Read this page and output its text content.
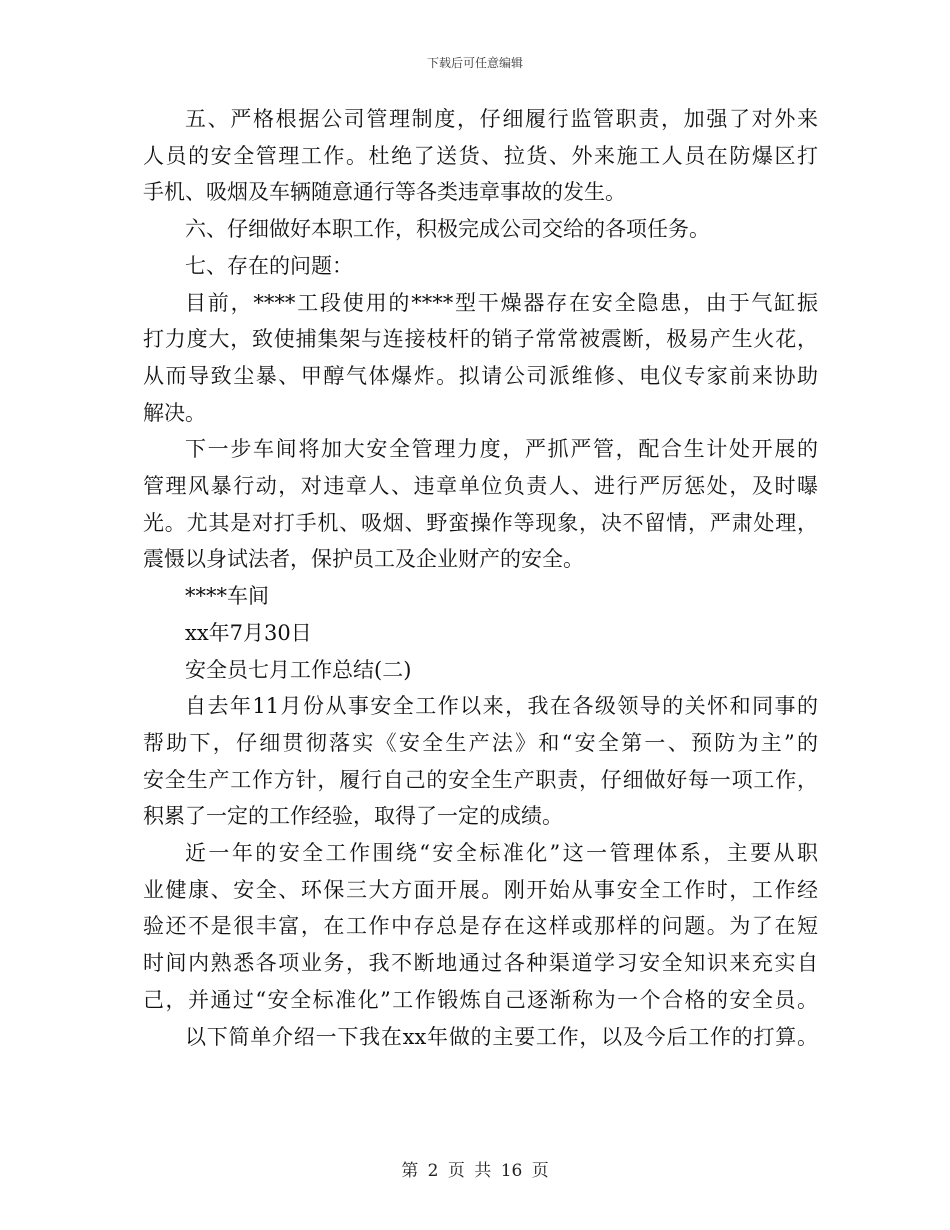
下载后可任意编辑
五、严格根据公司管理制度，仔细履行监管职责，加强了对外来
人员的安全管理工作。杜绝了送货、拉货、外来施工人员在防爆区打
手机、吸烟及车辆随意通行等各类违章事故的发生。
六、仔细做好本职工作，积极完成公司交给的各项任务。
七、存在的问题：
目前，****工段使用的****型干燥器存在安全隐患，由于气缸振
打力度大，致使捕集架与连接枝杆的销子常常被震断，极易产生火花，
从而导致尘暴、甲醇气体爆炸。拟请公司派维修、电仪专家前来协助
解决。
下一步车间将加大安全管理力度，严抓严管，配合生计处开展的
管理风暴行动，对违章人、违章单位负责人、进行严厉惩处，及时曝
光。尤其是对打手机、吸烟、野蛮操作等现象，决不留情，严肃处理，
震慑以身试法者，保护员工及企业财产的安全。
****车间
xx年7月30日
安全员七月工作总结(二)
自去年11月份从事安全工作以来，我在各级领导的关怀和同事的
帮助下，仔细贯彻落实《安全生产法》和“安全第一、预防为主”的
安全生产工作方针，履行自己的安全生产职责，仔细做好每一项工作，
积累了一定的工作经验，取得了一定的成绩。
近一年的安全工作围绕“安全标准化”这一管理体系，主要从职
业健康、安全、环保三大方面开展。刚开始从事安全工作时，工作经
验还不是很丰富，在工作中存总是存在这样或那样的问题。为了在短
时间内熟悉各项业务，我不断地通过各种渠道学习安全知识来充实自
己，并通过“安全标准化”工作锻炼自己逐渐称为一个合格的安全员。
以下简单介绍一下我在xx年做的主要工作，以及今后工作的打算。
第 2 页 共 16 页
